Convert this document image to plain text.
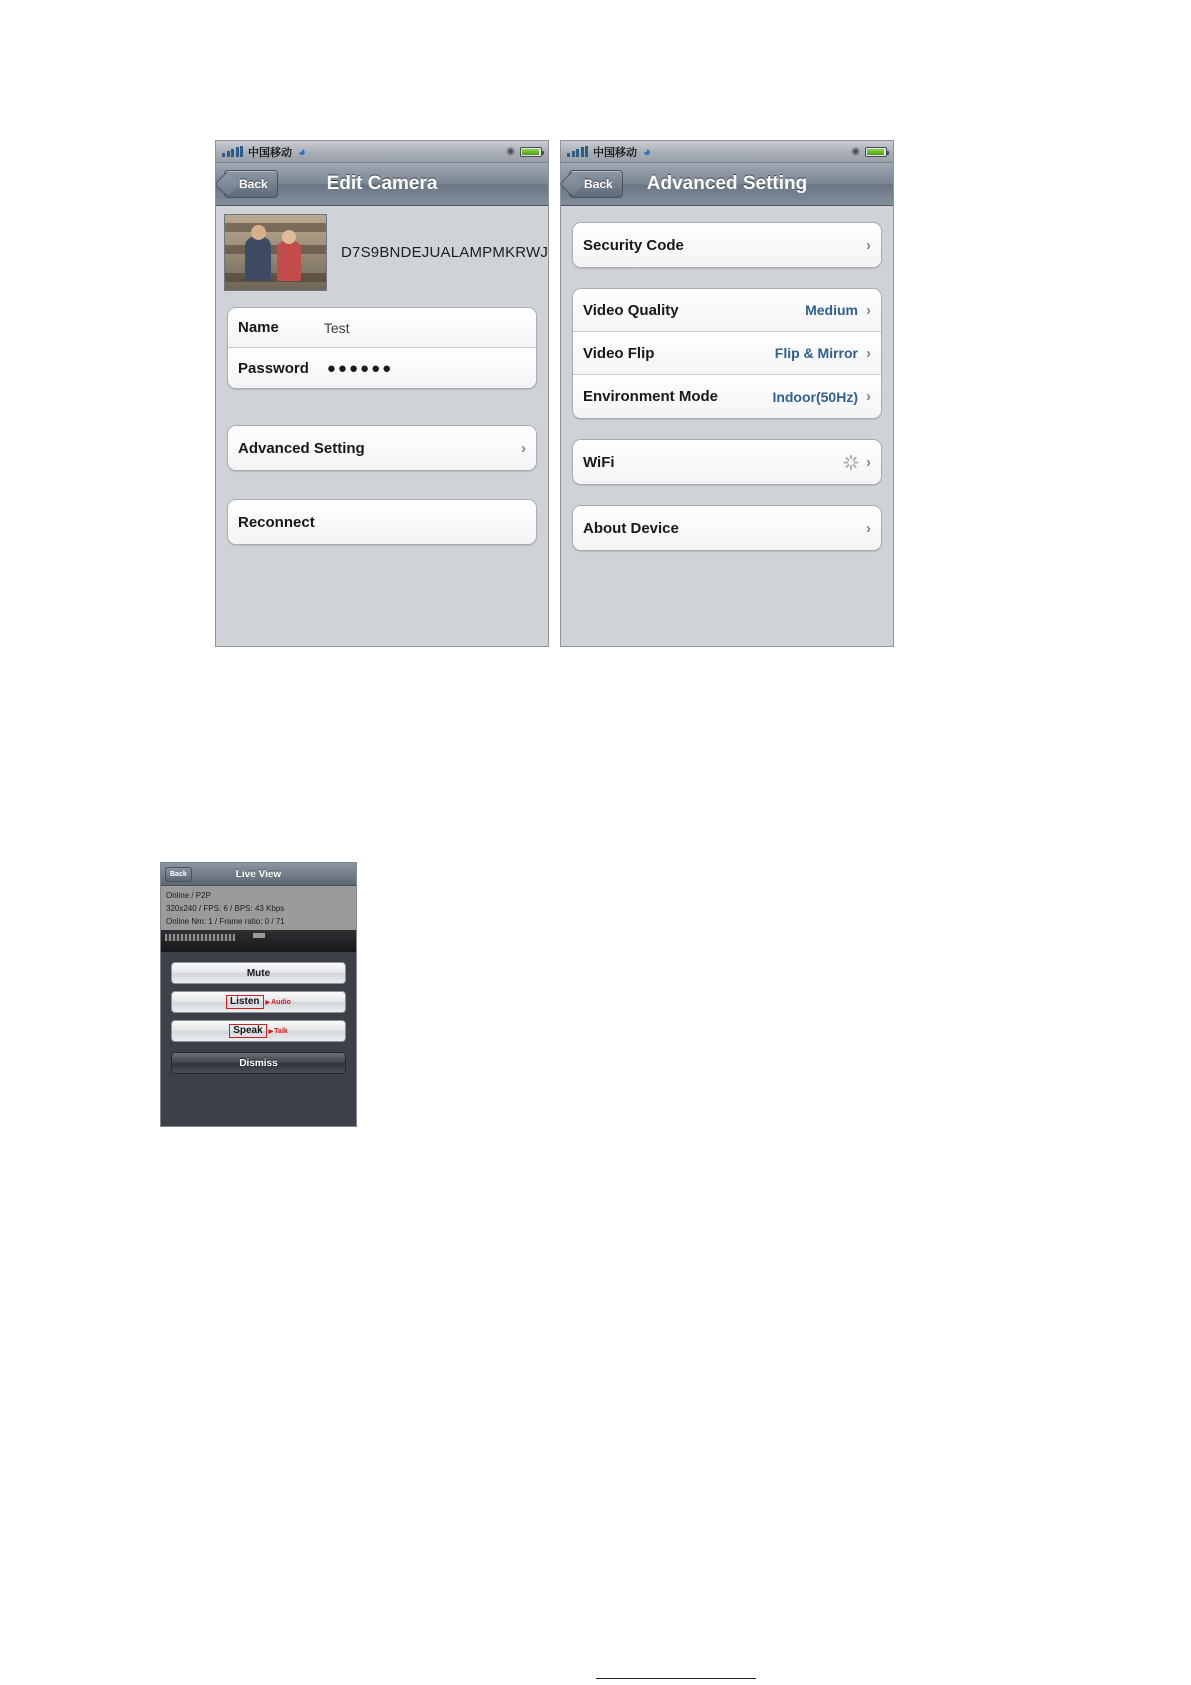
中国移动 ◕	◉
Back	Edit Camera
D7S9BNDEJUALAMPMKRWJ
Name	Test
Password ●●●●●●
Advanced Setting	›
Reconnect
中国移动 ◕	◉
Back	Advanced Setting
Security Code	›
Video Quality	Medium ›
Video Flip	Flip & Mirror ›
Environment Mode	Indoor(50Hz) ›
WiFi	›
About Device	›
Back	Live View
Online / P2P
320x240 / FPS: 6 / BPS: 43 Kbps
Online Nm: 1 / Frame ratio: 0 / 71
Mute
Listen	▶ Audio
Speak	▶ Talk
Dismiss
